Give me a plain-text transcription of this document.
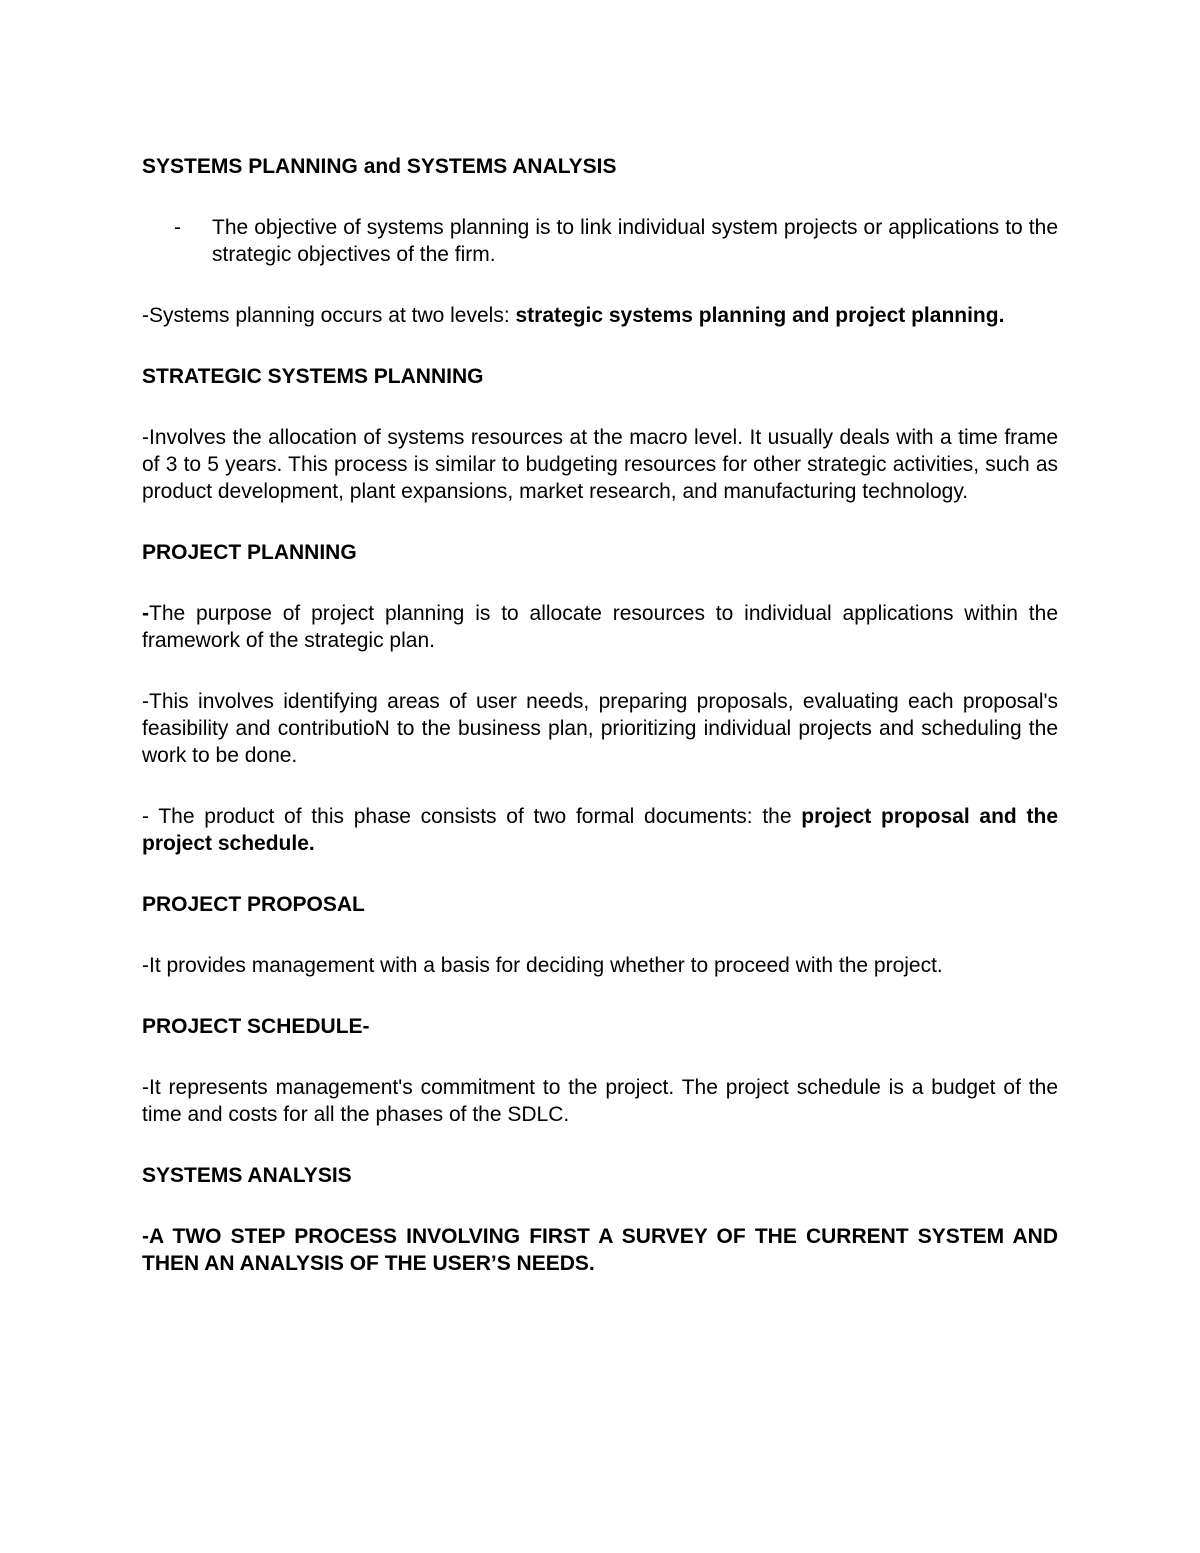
SYSTEMS PLANNING and SYSTEMS ANALYSIS

-	The objective of systems planning is to link individual system projects or applications to the strategic objectives of the firm.

-Systems planning occurs at two levels: strategic systems planning and project planning.

STRATEGIC SYSTEMS PLANNING

-Involves the allocation of systems resources at the macro level. It usually deals with a time frame of 3 to 5 years. This process is similar to budgeting resources for other strategic activities, such as product development, plant expansions, market research, and manufacturing technology.

PROJECT PLANNING

-The purpose of project planning is to allocate resources to individual applications within the framework of the strategic plan.

-This involves identifying areas of user needs, preparing proposals, evaluating each proposal's feasibility and contributioN to the business plan, prioritizing individual projects and scheduling the work to be done.

- The product of this phase consists of two formal documents: the project proposal and the project schedule.

PROJECT PROPOSAL

-It provides management with a basis for deciding whether to proceed with the project.

PROJECT SCHEDULE-

-It represents management's commitment to the project. The project schedule is a budget of the time and costs for all the phases of the SDLC.

SYSTEMS ANALYSIS

-A TWO STEP PROCESS INVOLVING FIRST A SURVEY OF THE CURRENT SYSTEM AND THEN AN ANALYSIS OF THE USER’S NEEDS.
